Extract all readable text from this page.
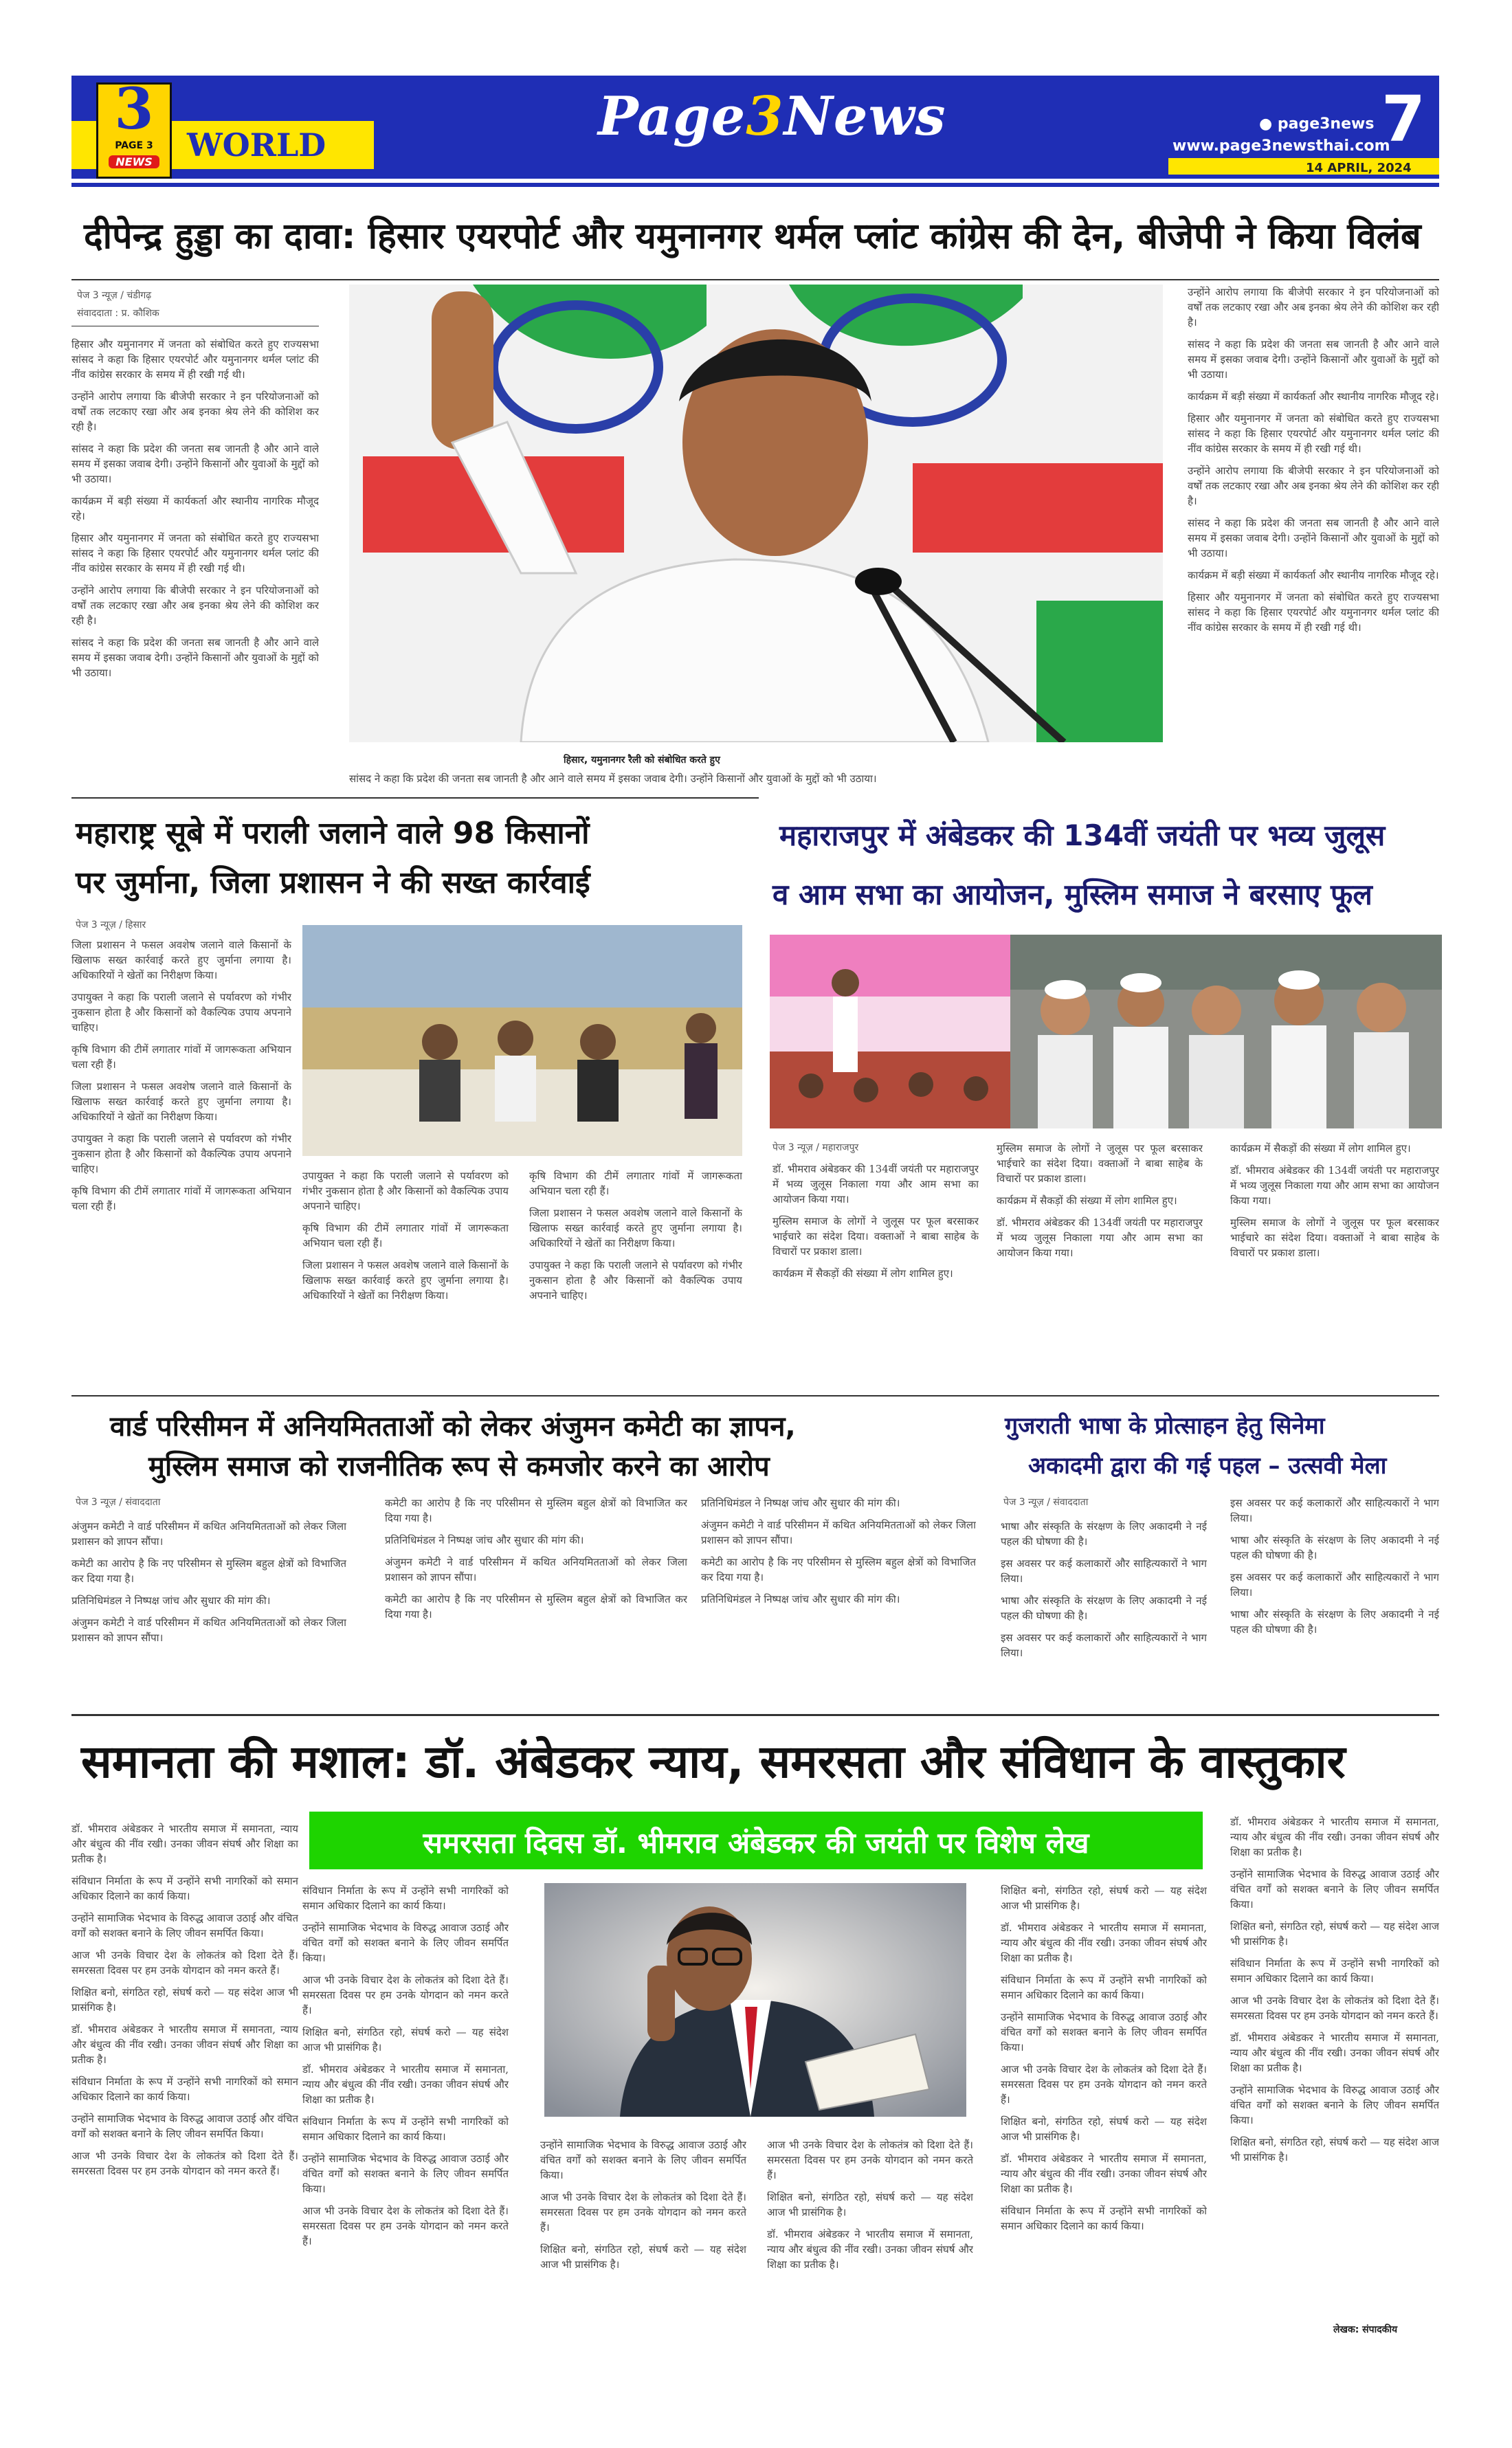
3
PAGE 3
NEWS WORLD	Page3News	● page3news
www.page3newsthai.com
7
14 APRIL, 2024
दीपेन्द्र हुड्डा का दावा: हिसार एयरपोर्ट और यमुनानगर थर्मल प्लांट कांग्रेस की देन, बीजेपी ने किया विलंब
पेज 3 न्यूज़ / चंडीगढ़
संवाददाता : प्र. कौशिक

हिसार और यमुनानगर में जनता को संबोधित करते हुए राज्यसभा सांसद ने कहा कि हिसार एयरपोर्ट और यमुनानगर थर्मल प्लांट की नींव कांग्रेस सरकार के समय में ही रखी गई थी।

उन्होंने आरोप लगाया कि बीजेपी सरकार ने इन परियोजनाओं को वर्षों तक लटकाए रखा और अब इनका श्रेय लेने की कोशिश कर रही है।

सांसद ने कहा कि प्रदेश की जनता सब जानती है और आने वाले समय में इसका जवाब देगी। उन्होंने किसानों और युवाओं के मुद्दों को भी उठाया।

कार्यक्रम में बड़ी संख्या में कार्यकर्ता और स्थानीय नागरिक मौजूद रहे।

हिसार और यमुनानगर में जनता को संबोधित करते हुए राज्यसभा सांसद ने कहा कि हिसार एयरपोर्ट और यमुनानगर थर्मल प्लांट की नींव कांग्रेस सरकार के समय में ही रखी गई थी।

उन्होंने आरोप लगाया कि बीजेपी सरकार ने इन परियोजनाओं को वर्षों तक लटकाए रखा और अब इनका श्रेय लेने की कोशिश कर रही है।

सांसद ने कहा कि प्रदेश की जनता सब जानती है और आने वाले समय में इसका जवाब देगी। उन्होंने किसानों और युवाओं के मुद्दों को भी उठाया।

हिसार, यमुनानगर रैली को संबोधित करते हुए

उन्होंने आरोप लगाया कि बीजेपी सरकार ने इन परियोजनाओं को वर्षों तक लटकाए रखा और अब इनका श्रेय लेने की कोशिश कर रही है।

सांसद ने कहा कि प्रदेश की जनता सब जानती है और आने वाले समय में इसका जवाब देगी। उन्होंने किसानों और युवाओं के मुद्दों को भी उठाया।

कार्यक्रम में बड़ी संख्या में कार्यकर्ता और स्थानीय नागरिक मौजूद रहे।

हिसार और यमुनानगर में जनता को संबोधित करते हुए राज्यसभा सांसद ने कहा कि हिसार एयरपोर्ट और यमुनानगर थर्मल प्लांट की नींव कांग्रेस सरकार के समय में ही रखी गई थी।

उन्होंने आरोप लगाया कि बीजेपी सरकार ने इन परियोजनाओं को वर्षों तक लटकाए रखा और अब इनका श्रेय लेने की कोशिश कर रही है।

सांसद ने कहा कि प्रदेश की जनता सब जानती है और आने वाले समय में इसका जवाब देगी। उन्होंने किसानों और युवाओं के मुद्दों को भी उठाया।

कार्यक्रम में बड़ी संख्या में कार्यकर्ता और स्थानीय नागरिक मौजूद रहे।

हिसार और यमुनानगर में जनता को संबोधित करते हुए राज्यसभा सांसद ने कहा कि हिसार एयरपोर्ट और यमुनानगर थर्मल प्लांट की नींव कांग्रेस सरकार के समय में ही रखी गई थी।

सांसद ने कहा कि प्रदेश की जनता सब जानती है और आने वाले समय में इसका जवाब देगी। उन्होंने किसानों और युवाओं के मुद्दों को भी उठाया।

महाराष्ट्र सूबे में पराली जलाने वाले 98 किसानों
पर जुर्माना, जिला प्रशासन ने की सख्त कार्रवाई
पेज 3 न्यूज़ / हिसार

जिला प्रशासन ने फसल अवशेष जलाने वाले किसानों के खिलाफ सख्त कार्रवाई करते हुए जुर्माना लगाया है। अधिकारियों ने खेतों का निरीक्षण किया।

उपायुक्त ने कहा कि पराली जलाने से पर्यावरण को गंभीर नुकसान होता है और किसानों को वैकल्पिक उपाय अपनाने चाहिए।

कृषि विभाग की टीमें लगातार गांवों में जागरूकता अभियान चला रही हैं।

जिला प्रशासन ने फसल अवशेष जलाने वाले किसानों के खिलाफ सख्त कार्रवाई करते हुए जुर्माना लगाया है। अधिकारियों ने खेतों का निरीक्षण किया।

उपायुक्त ने कहा कि पराली जलाने से पर्यावरण को गंभीर नुकसान होता है और किसानों को वैकल्पिक उपाय अपनाने चाहिए।

कृषि विभाग की टीमें लगातार गांवों में जागरूकता अभियान चला रही हैं।

उपायुक्त ने कहा कि पराली जलाने से पर्यावरण को गंभीर नुकसान होता है और किसानों को वैकल्पिक उपाय अपनाने चाहिए।

कृषि विभाग की टीमें लगातार गांवों में जागरूकता अभियान चला रही हैं।

जिला प्रशासन ने फसल अवशेष जलाने वाले किसानों के खिलाफ सख्त कार्रवाई करते हुए जुर्माना लगाया है। अधिकारियों ने खेतों का निरीक्षण किया।

कृषि विभाग की टीमें लगातार गांवों में जागरूकता अभियान चला रही हैं।

जिला प्रशासन ने फसल अवशेष जलाने वाले किसानों के खिलाफ सख्त कार्रवाई करते हुए जुर्माना लगाया है। अधिकारियों ने खेतों का निरीक्षण किया।

उपायुक्त ने कहा कि पराली जलाने से पर्यावरण को गंभीर नुकसान होता है और किसानों को वैकल्पिक उपाय अपनाने चाहिए।

महाराजपुर में अंबेडकर की 134वीं जयंती पर भव्य जुलूस
व आम सभा का आयोजन, मुस्लिम समाज ने बरसाए फूल
पेज 3 न्यूज़ / महाराजपुर

डॉ. भीमराव अंबेडकर की 134वीं जयंती पर महाराजपुर में भव्य जुलूस निकाला गया और आम सभा का आयोजन किया गया।

मुस्लिम समाज के लोगों ने जुलूस पर फूल बरसाकर भाईचारे का संदेश दिया। वक्ताओं ने बाबा साहेब के विचारों पर प्रकाश डाला।

कार्यक्रम में सैकड़ों की संख्या में लोग शामिल हुए।

मुस्लिम समाज के लोगों ने जुलूस पर फूल बरसाकर भाईचारे का संदेश दिया। वक्ताओं ने बाबा साहेब के विचारों पर प्रकाश डाला।

कार्यक्रम में सैकड़ों की संख्या में लोग शामिल हुए।

डॉ. भीमराव अंबेडकर की 134वीं जयंती पर महाराजपुर में भव्य जुलूस निकाला गया और आम सभा का आयोजन किया गया।

कार्यक्रम में सैकड़ों की संख्या में लोग शामिल हुए।

डॉ. भीमराव अंबेडकर की 134वीं जयंती पर महाराजपुर में भव्य जुलूस निकाला गया और आम सभा का आयोजन किया गया।

मुस्लिम समाज के लोगों ने जुलूस पर फूल बरसाकर भाईचारे का संदेश दिया। वक्ताओं ने बाबा साहेब के विचारों पर प्रकाश डाला।

वार्ड परिसीमन में अनियमितताओं को लेकर अंजुमन कमेटी का ज्ञापन,
मुस्लिम समाज को राजनीतिक रूप से कमजोर करने का आरोप
पेज 3 न्यूज़ / संवाददाता

अंजुमन कमेटी ने वार्ड परिसीमन में कथित अनियमितताओं को लेकर जिला प्रशासन को ज्ञापन सौंपा।

कमेटी का आरोप है कि नए परिसीमन से मुस्लिम बहुल क्षेत्रों को विभाजित कर दिया गया है।

प्रतिनिधिमंडल ने निष्पक्ष जांच और सुधार की मांग की।

अंजुमन कमेटी ने वार्ड परिसीमन में कथित अनियमितताओं को लेकर जिला प्रशासन को ज्ञापन सौंपा।

कमेटी का आरोप है कि नए परिसीमन से मुस्लिम बहुल क्षेत्रों को विभाजित कर दिया गया है।

प्रतिनिधिमंडल ने निष्पक्ष जांच और सुधार की मांग की।

अंजुमन कमेटी ने वार्ड परिसीमन में कथित अनियमितताओं को लेकर जिला प्रशासन को ज्ञापन सौंपा।

कमेटी का आरोप है कि नए परिसीमन से मुस्लिम बहुल क्षेत्रों को विभाजित कर दिया गया है।

प्रतिनिधिमंडल ने निष्पक्ष जांच और सुधार की मांग की।

अंजुमन कमेटी ने वार्ड परिसीमन में कथित अनियमितताओं को लेकर जिला प्रशासन को ज्ञापन सौंपा।

कमेटी का आरोप है कि नए परिसीमन से मुस्लिम बहुल क्षेत्रों को विभाजित कर दिया गया है।

प्रतिनिधिमंडल ने निष्पक्ष जांच और सुधार की मांग की।

गुजराती भाषा के प्रोत्साहन हेतु सिनेमा
अकादमी द्वारा की गई पहल – उत्सवी मेला
पेज 3 न्यूज़ / संवाददाता

भाषा और संस्कृति के संरक्षण के लिए अकादमी ने नई पहल की घोषणा की है।

इस अवसर पर कई कलाकारों और साहित्यकारों ने भाग लिया।

भाषा और संस्कृति के संरक्षण के लिए अकादमी ने नई पहल की घोषणा की है।

इस अवसर पर कई कलाकारों और साहित्यकारों ने भाग लिया।

इस अवसर पर कई कलाकारों और साहित्यकारों ने भाग लिया।

भाषा और संस्कृति के संरक्षण के लिए अकादमी ने नई पहल की घोषणा की है।

इस अवसर पर कई कलाकारों और साहित्यकारों ने भाग लिया।

भाषा और संस्कृति के संरक्षण के लिए अकादमी ने नई पहल की घोषणा की है।

समानता की मशाल: डॉ. अंबेडकर न्याय, समरसता और संविधान के वास्तुकार
समरसता दिवस डॉ. भीमराव अंबेडकर की जयंती पर विशेष लेख

डॉ. भीमराव अंबेडकर ने भारतीय समाज में समानता, न्याय और बंधुत्व की नींव रखी। उनका जीवन संघर्ष और शिक्षा का प्रतीक है।

संविधान निर्माता के रूप में उन्होंने सभी नागरिकों को समान अधिकार दिलाने का कार्य किया।

उन्होंने सामाजिक भेदभाव के विरुद्ध आवाज उठाई और वंचित वर्गों को सशक्त बनाने के लिए जीवन समर्पित किया।

आज भी उनके विचार देश के लोकतंत्र को दिशा देते हैं। समरसता दिवस पर हम उनके योगदान को नमन करते हैं।

शिक्षित बनो, संगठित रहो, संघर्ष करो — यह संदेश आज भी प्रासंगिक है।

डॉ. भीमराव अंबेडकर ने भारतीय समाज में समानता, न्याय और बंधुत्व की नींव रखी। उनका जीवन संघर्ष और शिक्षा का प्रतीक है।

संविधान निर्माता के रूप में उन्होंने सभी नागरिकों को समान अधिकार दिलाने का कार्य किया।

उन्होंने सामाजिक भेदभाव के विरुद्ध आवाज उठाई और वंचित वर्गों को सशक्त बनाने के लिए जीवन समर्पित किया।

आज भी उनके विचार देश के लोकतंत्र को दिशा देते हैं। समरसता दिवस पर हम उनके योगदान को नमन करते हैं।

संविधान निर्माता के रूप में उन्होंने सभी नागरिकों को समान अधिकार दिलाने का कार्य किया।

उन्होंने सामाजिक भेदभाव के विरुद्ध आवाज उठाई और वंचित वर्गों को सशक्त बनाने के लिए जीवन समर्पित किया।

आज भी उनके विचार देश के लोकतंत्र को दिशा देते हैं। समरसता दिवस पर हम उनके योगदान को नमन करते हैं।

शिक्षित बनो, संगठित रहो, संघर्ष करो — यह संदेश आज भी प्रासंगिक है।

डॉ. भीमराव अंबेडकर ने भारतीय समाज में समानता, न्याय और बंधुत्व की नींव रखी। उनका जीवन संघर्ष और शिक्षा का प्रतीक है।

संविधान निर्माता के रूप में उन्होंने सभी नागरिकों को समान अधिकार दिलाने का कार्य किया।

उन्होंने सामाजिक भेदभाव के विरुद्ध आवाज उठाई और वंचित वर्गों को सशक्त बनाने के लिए जीवन समर्पित किया।

आज भी उनके विचार देश के लोकतंत्र को दिशा देते हैं। समरसता दिवस पर हम उनके योगदान को नमन करते हैं।

उन्होंने सामाजिक भेदभाव के विरुद्ध आवाज उठाई और वंचित वर्गों को सशक्त बनाने के लिए जीवन समर्पित किया।

आज भी उनके विचार देश के लोकतंत्र को दिशा देते हैं। समरसता दिवस पर हम उनके योगदान को नमन करते हैं।

शिक्षित बनो, संगठित रहो, संघर्ष करो — यह संदेश आज भी प्रासंगिक है।

आज भी उनके विचार देश के लोकतंत्र को दिशा देते हैं। समरसता दिवस पर हम उनके योगदान को नमन करते हैं।

शिक्षित बनो, संगठित रहो, संघर्ष करो — यह संदेश आज भी प्रासंगिक है।

डॉ. भीमराव अंबेडकर ने भारतीय समाज में समानता, न्याय और बंधुत्व की नींव रखी। उनका जीवन संघर्ष और शिक्षा का प्रतीक है।

शिक्षित बनो, संगठित रहो, संघर्ष करो — यह संदेश आज भी प्रासंगिक है।

डॉ. भीमराव अंबेडकर ने भारतीय समाज में समानता, न्याय और बंधुत्व की नींव रखी। उनका जीवन संघर्ष और शिक्षा का प्रतीक है।

संविधान निर्माता के रूप में उन्होंने सभी नागरिकों को समान अधिकार दिलाने का कार्य किया।

उन्होंने सामाजिक भेदभाव के विरुद्ध आवाज उठाई और वंचित वर्गों को सशक्त बनाने के लिए जीवन समर्पित किया।

आज भी उनके विचार देश के लोकतंत्र को दिशा देते हैं। समरसता दिवस पर हम उनके योगदान को नमन करते हैं।

शिक्षित बनो, संगठित रहो, संघर्ष करो — यह संदेश आज भी प्रासंगिक है।

डॉ. भीमराव अंबेडकर ने भारतीय समाज में समानता, न्याय और बंधुत्व की नींव रखी। उनका जीवन संघर्ष और शिक्षा का प्रतीक है।

संविधान निर्माता के रूप में उन्होंने सभी नागरिकों को समान अधिकार दिलाने का कार्य किया।

डॉ. भीमराव अंबेडकर ने भारतीय समाज में समानता, न्याय और बंधुत्व की नींव रखी। उनका जीवन संघर्ष और शिक्षा का प्रतीक है।

उन्होंने सामाजिक भेदभाव के विरुद्ध आवाज उठाई और वंचित वर्गों को सशक्त बनाने के लिए जीवन समर्पित किया।

शिक्षित बनो, संगठित रहो, संघर्ष करो — यह संदेश आज भी प्रासंगिक है।

संविधान निर्माता के रूप में उन्होंने सभी नागरिकों को समान अधिकार दिलाने का कार्य किया।

आज भी उनके विचार देश के लोकतंत्र को दिशा देते हैं। समरसता दिवस पर हम उनके योगदान को नमन करते हैं।

डॉ. भीमराव अंबेडकर ने भारतीय समाज में समानता, न्याय और बंधुत्व की नींव रखी। उनका जीवन संघर्ष और शिक्षा का प्रतीक है।

उन्होंने सामाजिक भेदभाव के विरुद्ध आवाज उठाई और वंचित वर्गों को सशक्त बनाने के लिए जीवन समर्पित किया।

शिक्षित बनो, संगठित रहो, संघर्ष करो — यह संदेश आज भी प्रासंगिक है।

लेखक: संपादकीय
